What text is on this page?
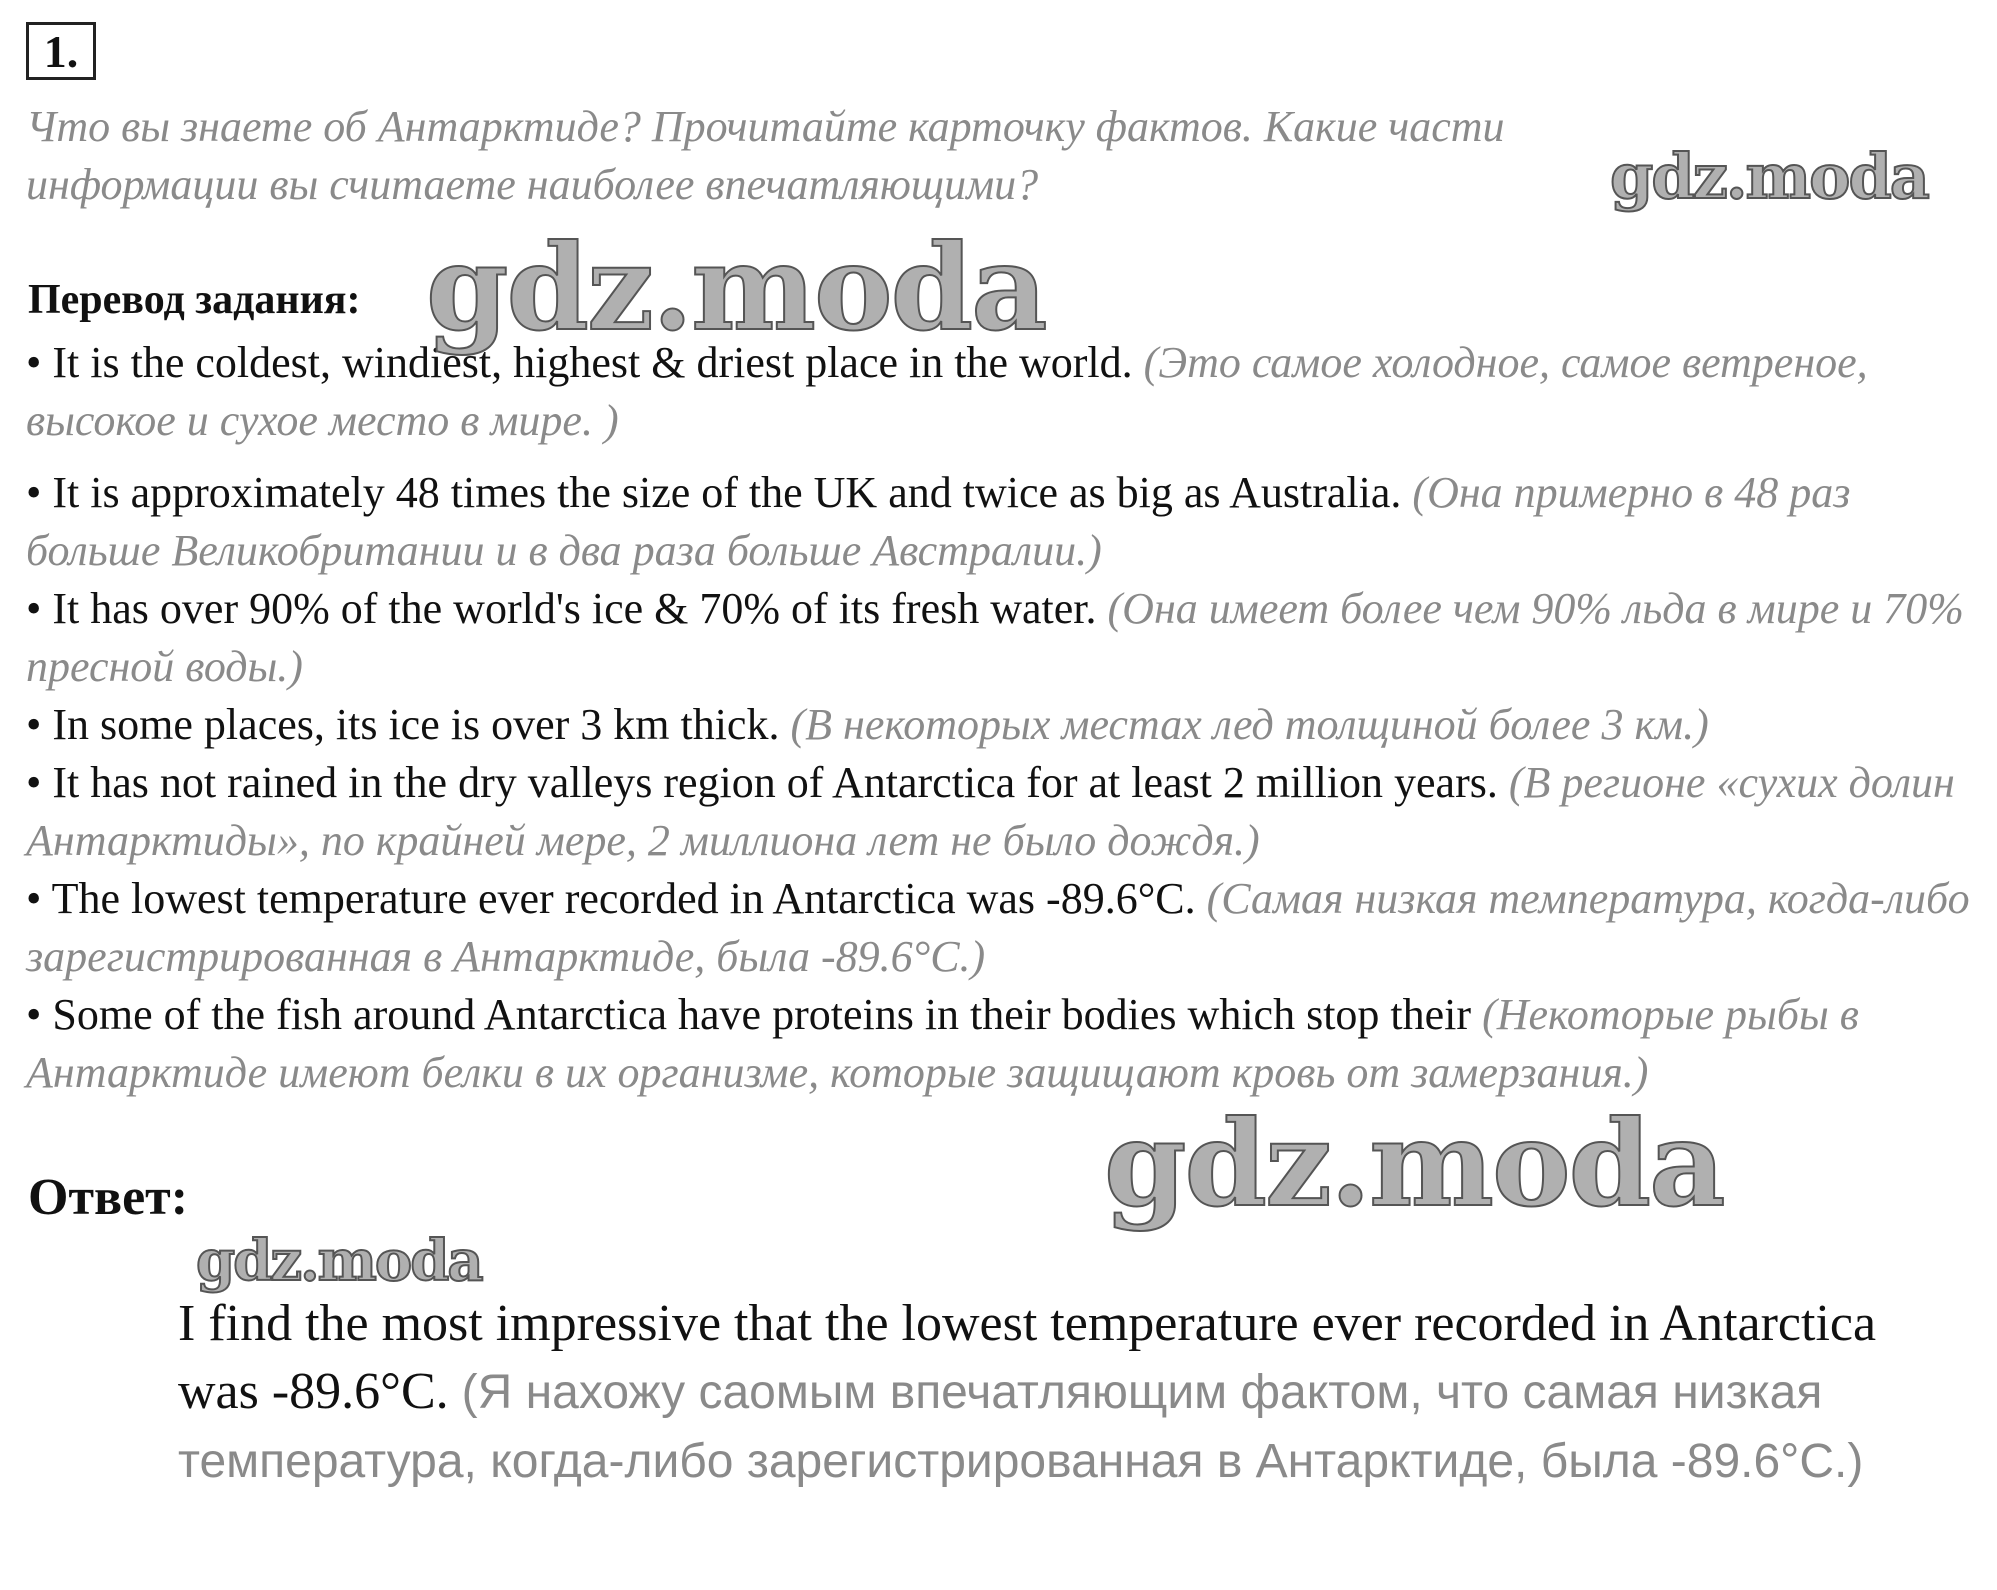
1.
Что вы знаете об Антарктиде? Прочитайте карточку фактов. Какие части информации вы считаете наиболее впечатляющими?
Перевод задания:
• It is the coldest, windiest, highest & driest place in the world. (Это самое холодное, самое ветреное, высокое и сухое место в мире. )
• It is approximately 48 times the size of the UK and twice as big as Australia. (Она примерно в 48 раз больше Великобритании и в два раза больше Австралии.)
• It has over 90% of the world's ice & 70% of its fresh water. (Она имеет более чем 90% льда в мире и 70% пресной воды.)
• In some places, its ice is over 3 km thick. (В некоторых местах лед толщиной более 3 км.)
• It has not rained in the dry valleys region of Antarctica for at least 2 million years. (В регионе «сухих долин Антарктиды», по крайней мере, 2 миллиона лет не было дождя.)
• The lowest temperature ever recorded in Antarctica was -89.6°C. (Самая низкая температура, когда-либо зарегистрированная в Антарктиде, была -89.6°C.)
• Some of the fish around Antarctica have proteins in their bodies which stop their (Некоторые рыбы в Антарктиде имеют белки в их организме, которые защищают кровь от замерзания.)
Ответ:
I find the most impressive that the lowest temperature ever recorded in Antarctica was -89.6°C. (Я нахожу саомым впечатляющим фактом, что самая низкая температура, когда-либо зарегистрированная в Антарктиде, была -89.6°C.)
gdz.moda
gdz.moda
gdz.moda
gdz.moda
